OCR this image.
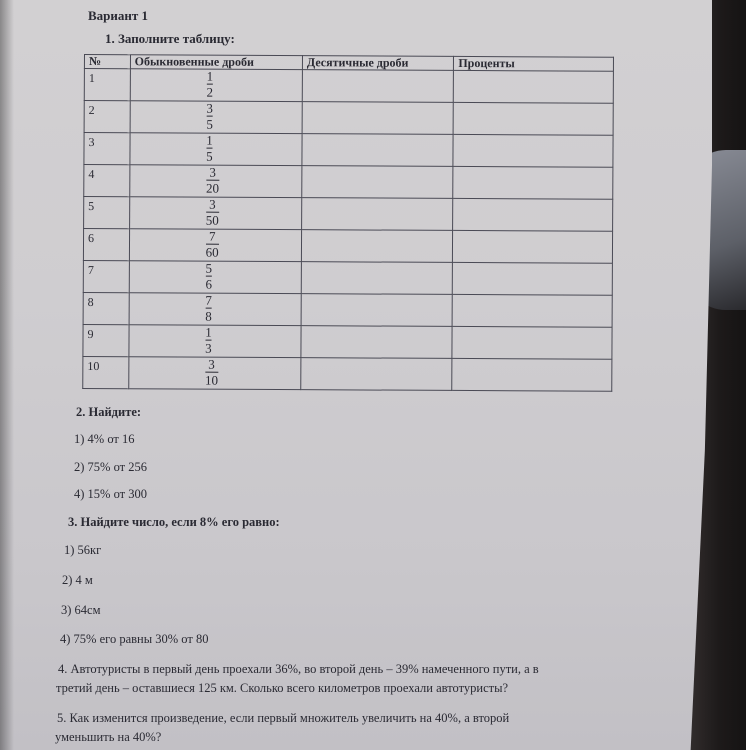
Вариант 1
1. Заполните таблицу:
№	Обыкновенные дроби	Десятичные дроби	Проценты
1	$\frac{1}{2}$

2	$\frac{3}{5}$

3	$\frac{1}{5}$

4	$\frac{3}{20}$

5	$\frac{3}{50}$

6	$\frac{7}{60}$

7	$\frac{5}{6}$

8	$\frac{7}{8}$

9	$\frac{1}{3}$

10	$\frac{3}{10}$

2. Найдите:
1) 4% от 16
2) 75% от 256
4) 15% от 300
3. Найдите число, если 8% его равно:
1) 56кг
2) 4 м
3) 64см
4) 75% его равны 30% от 80
4. Автотуристы в первый день проехали 36%, во второй день – 39% намеченного пути, а в
третий день – оставшиеся 125 км. Сколько всего километров проехали автотуристы?
5. Как изменится произведение, если первый множитель увеличить на 40%, а второй
уменьшить на 40%?
